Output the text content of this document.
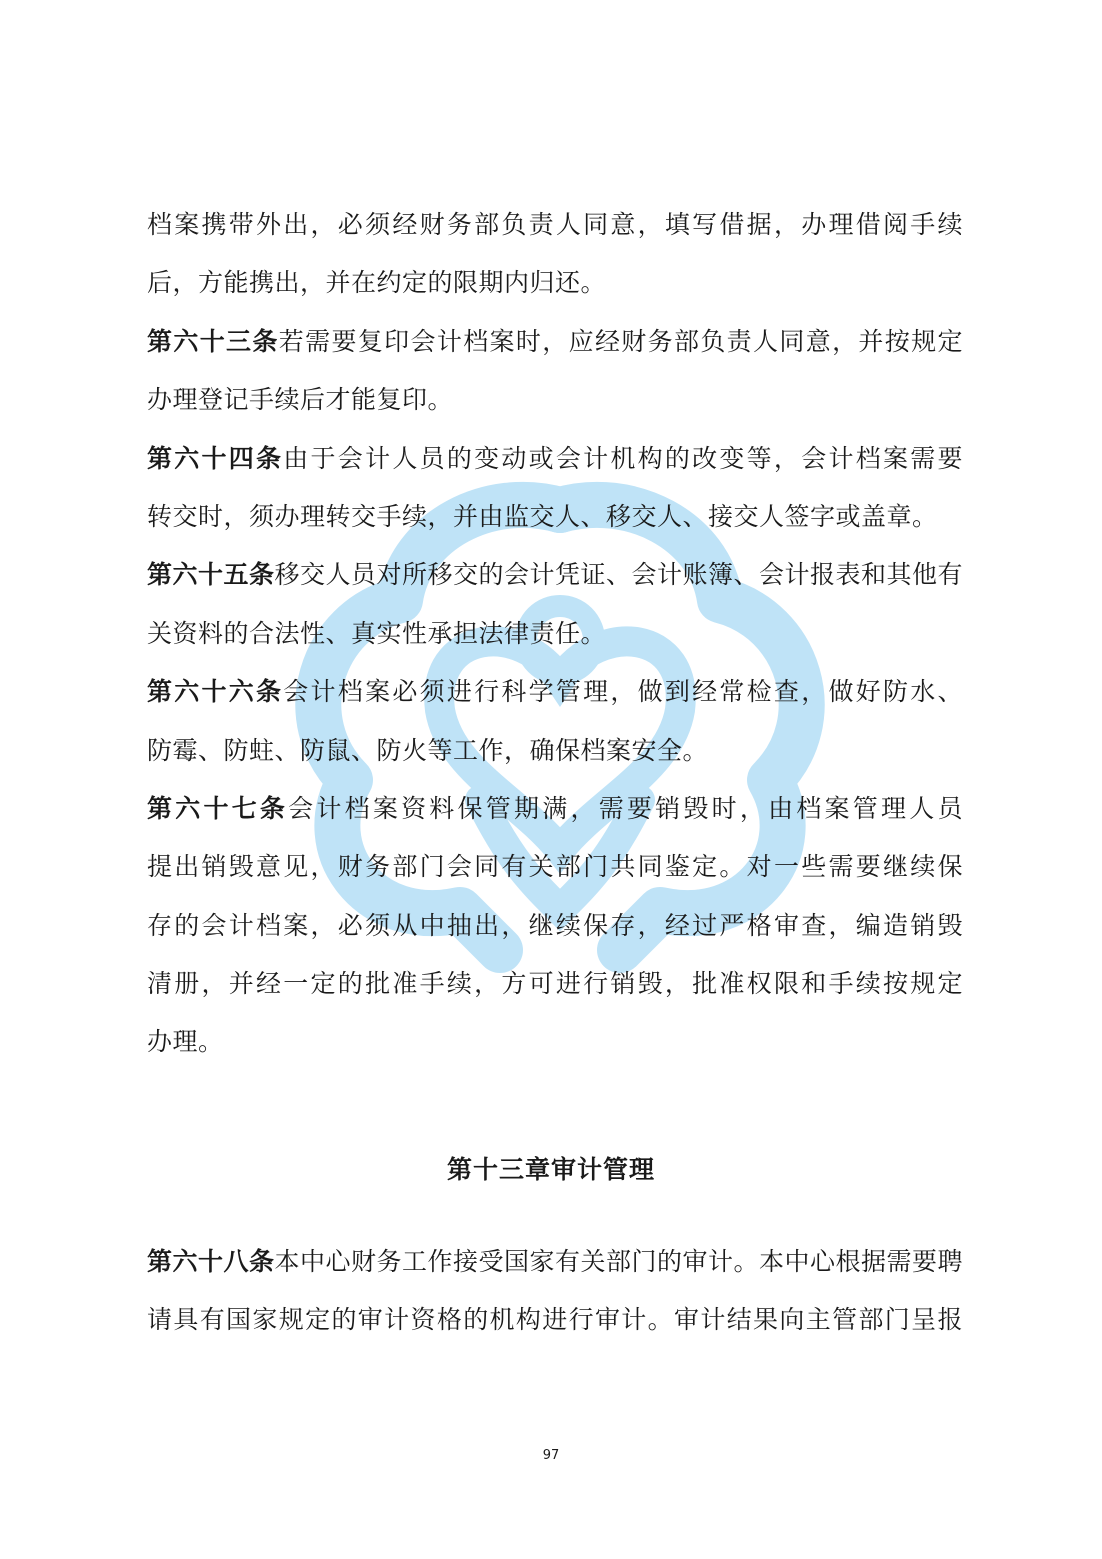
档案携带外出，必须经财务部负责人同意，填写借据，办理借阅手续
后，方能携出，并在约定的限期内归还。
第六十三条若需要复印会计档案时，应经财务部负责人同意，并按规定
办理登记手续后才能复印。
第六十四条由于会计人员的变动或会计机构的改变等，会计档案需要
转交时，须办理转交手续，并由监交人、移交人、接交人签字或盖章。
第六十五条移交人员对所移交的会计凭证、会计账簿、会计报表和其他有
关资料的合法性、真实性承担法律责任。
第六十六条会计档案必须进行科学管理，做到经常检查，做好防水、
防霉、防蛀、防鼠、防火等工作，确保档案安全。
第六十七条会计档案资料保管期满，需要销毁时，由档案管理人员
提出销毁意见，财务部门会同有关部门共同鉴定。对一些需要继续保
存的会计档案，必须从中抽出，继续保存，经过严格审查，编造销毁
清册，并经一定的批准手续，方可进行销毁，批准权限和手续按规定
办理。
第十三章审计管理
第六十八条本中心财务工作接受国家有关部门的审计。本中心根据需要聘
请具有国家规定的审计资格的机构进行审计。审计结果向主管部门呈报
97
